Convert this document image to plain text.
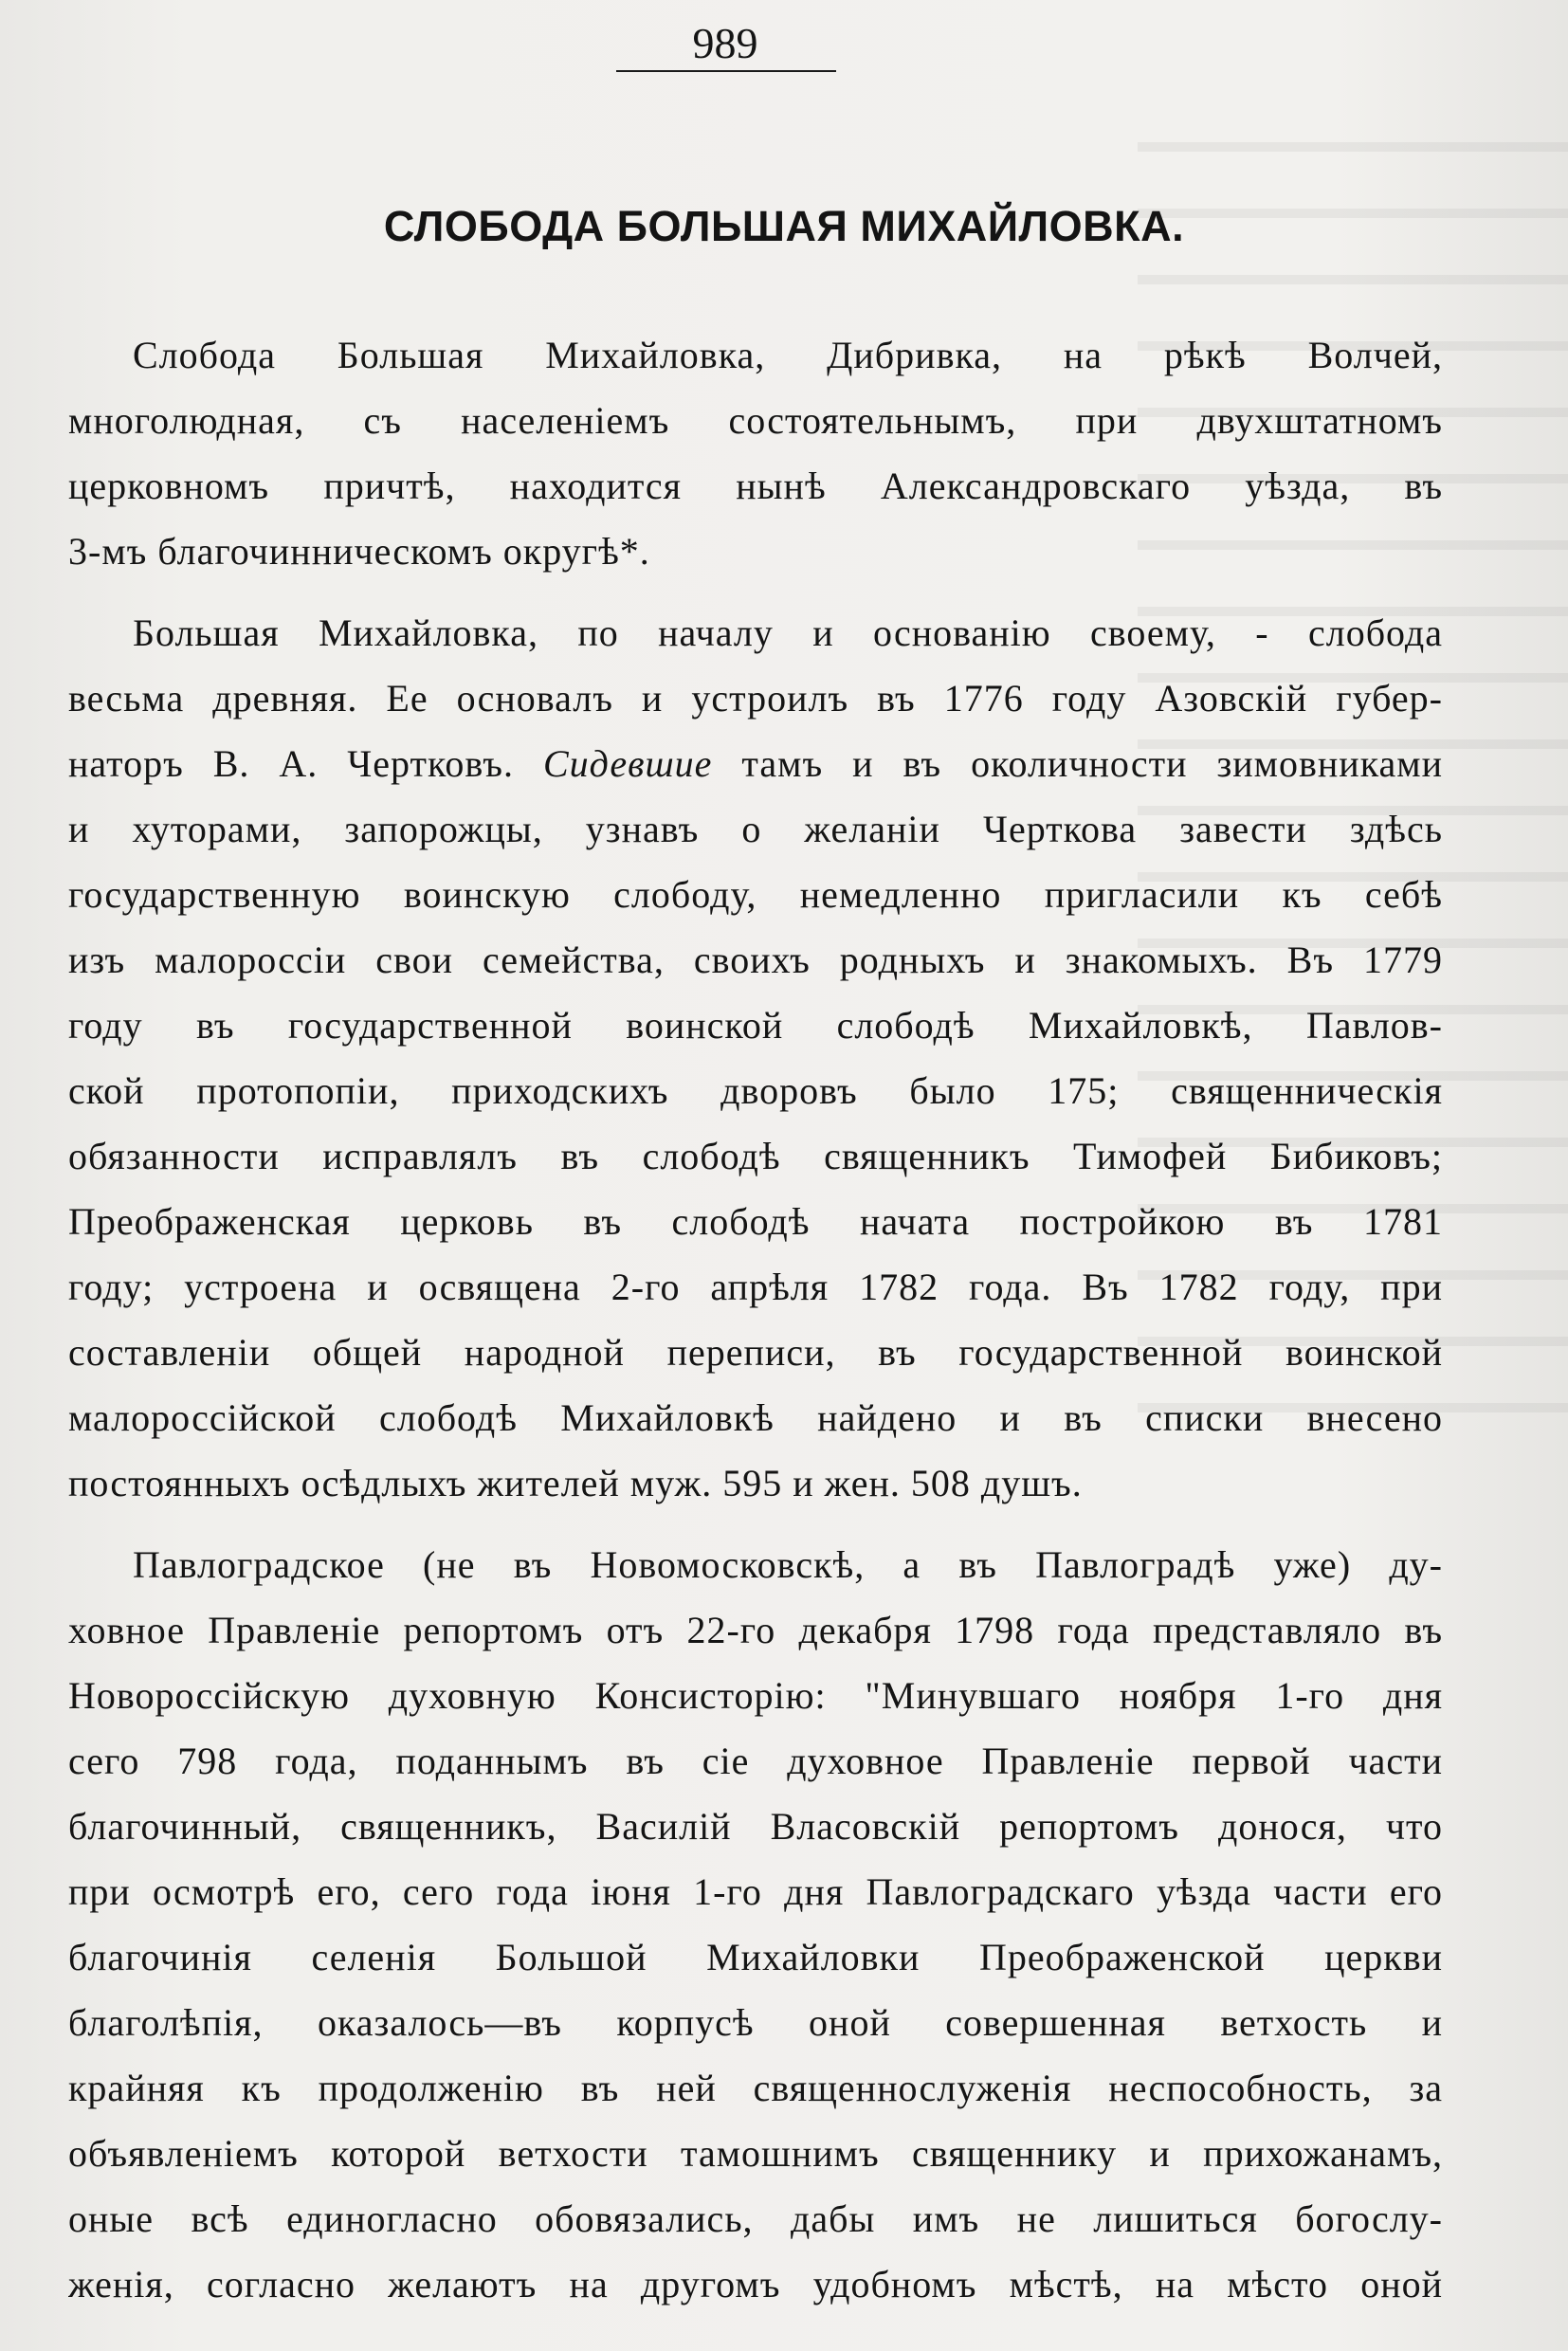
989
СЛОБОДА БОЛЬШАЯ МИХАЙЛОВКА.
Слобода Большая Михайловка, Дибривка, на рѣкѣ Волчей,
многолюдная, съ населеніемъ состоятельнымъ, при двухштатномъ
церковномъ причтѣ, находится нынѣ Александровскаго уѣзда, въ
3-мъ благочинническомъ округѣ*.
Большая Михайловка, по началу и основанію своему, - слобода
весьма древняя. Ее основалъ и устроилъ въ 1776 году Азовскій губер-
наторъ В. А. Чертковъ. Сидевшие тамъ и въ околичности зимовниками
и хуторами, запорожцы, узнавъ о желаніи Черткова завести здѣсь
государственную воинскую слободу, немедленно пригласили къ себѣ
изъ малороссіи свои семейства, своихъ родныхъ и знакомыхъ. Въ 1779
году въ государственной воинской слободѣ Михайловкѣ, Павлов-
ской протопопіи, приходскихъ дворовъ было 175; священническія
обязанности исправлялъ въ слободѣ священникъ Тимофей Бибиковъ;
Преображенская церковь въ слободѣ начата постройкою въ 1781
году; устроена и освящена 2-го апрѣля 1782 года. Въ 1782 году, при
составленіи общей народной переписи, въ государственной воинской
малороссійской слободѣ Михайловкѣ найдено и въ списки внесено
постоянныхъ осѣдлыхъ жителей муж. 595 и жен. 508 душъ.
Павлоградское (не въ Новомосковскѣ, а въ Павлоградѣ уже) ду-
ховное Правленіе репортомъ отъ 22-го декабря 1798 года представляло въ
Новороссійскую духовную Консисторію: "Минувшаго ноября 1-го дня
сего 798 года, поданнымъ въ сіе духовное Правленіе первой части
благочинный, священникъ, Василій Власовскій репортомъ донося, что
при осмотрѣ его, сего года іюня 1-го дня Павлоградскаго уѣзда части его
благочинія селенія Большой Михайловки Преображенской церкви
благолѣпія, оказалось—въ корпусѣ оной совершенная ветхость и
крайняя къ продолженію въ ней священнослуженія неспособность, за
объявленіемъ которой ветхости тамошнимъ священнику и прихожанамъ,
оные всѣ единогласно обовязались, дабы имъ не лишиться богослу-
женія, согласно желаютъ на другомъ удобномъ мѣстѣ, на мѣсто оной
